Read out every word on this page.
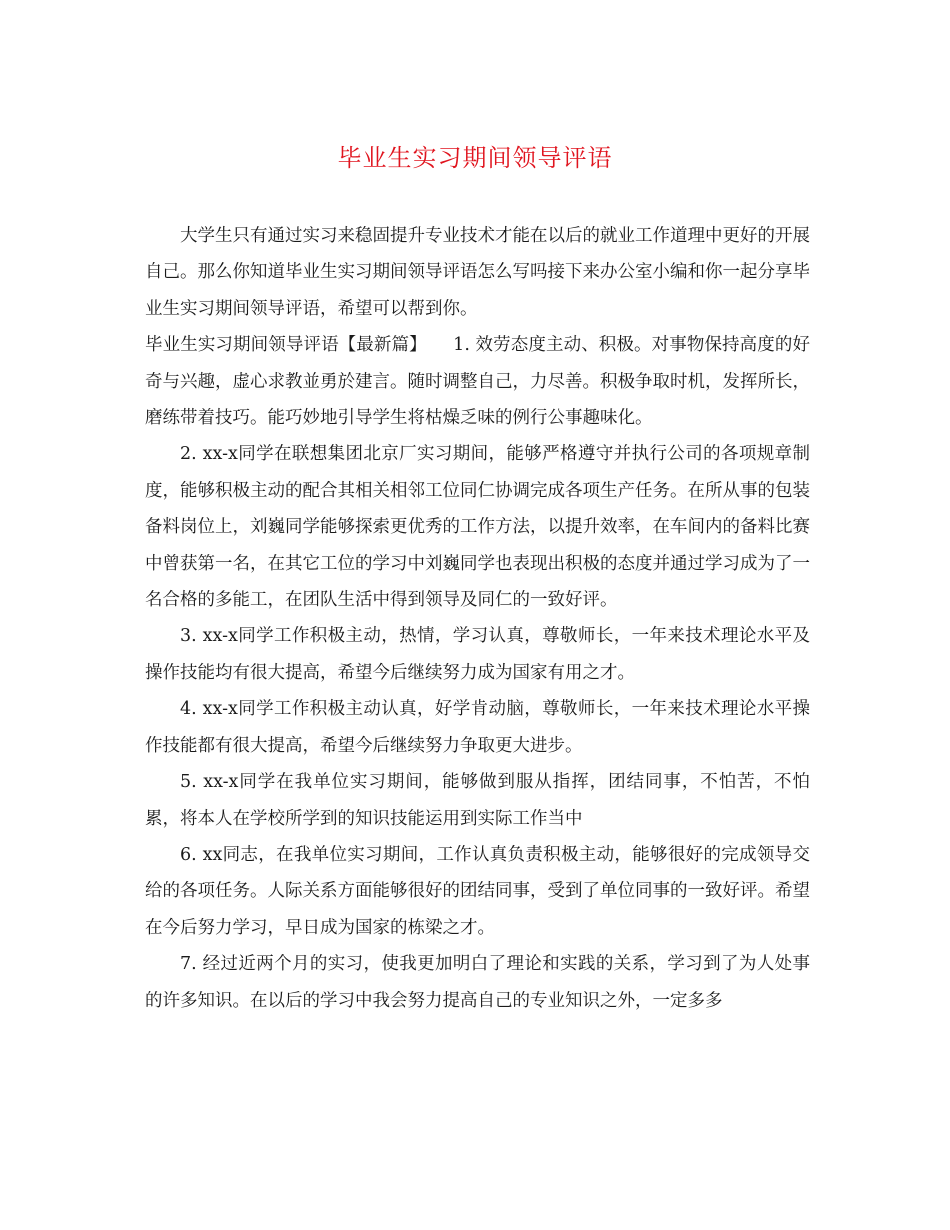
毕业生实习期间领导评语

大学生只有通过实习来稳固提升专业技术才能在以后的就业工作道理中更好的开展自己。那么你知道毕业生实习期间领导评语怎么写吗接下来办公室小编和你一起分享毕业生实习期间领导评语，希望可以帮到你。

毕业生实习期间领导评语【最新篇】　　1. 效劳态度主动、积极。对事物保持高度的好奇与兴趣，虚心求教並勇於建言。随时调整自己，力尽善。积极争取时机，发挥所长，磨练带着技巧。能巧妙地引导学生将枯燥乏味的例行公事趣味化。

2. xx-x同学在联想集团北京厂实习期间，能够严格遵守并执行公司的各项规章制度，能够积极主动的配合其相关相邻工位同仁协调完成各项生产任务。在所从事的包装备料岗位上，刘巍同学能够探索更优秀的工作方法，以提升效率，在车间内的备料比赛中曾获第一名，在其它工位的学习中刘巍同学也表现出积极的态度并通过学习成为了一名合格的多能工，在团队生活中得到领导及同仁的一致好评。

3. xx-x同学工作积极主动，热情，学习认真，尊敬师长，一年来技术理论水平及操作技能均有很大提高，希望今后继续努力成为国家有用之才。

4. xx-x同学工作积极主动认真，好学肯动脑，尊敬师长，一年来技术理论水平操作技能都有很大提高，希望今后继续努力争取更大进步。

5. xx-x同学在我单位实习期间，能够做到服从指挥，团结同事，不怕苦，不怕累，将本人在学校所学到的知识技能运用到实际工作当中

6. xx同志，在我单位实习期间，工作认真负责积极主动，能够很好的完成领导交给的各项任务。人际关系方面能够很好的团结同事，受到了单位同事的一致好评。希望在今后努力学习，早日成为国家的栋梁之才。

7. 经过近两个月的实习，使我更加明白了理论和实践的关系，学习到了为人处事的许多知识。在以后的学习中我会努力提高自己的专业知识之外，一定多多
